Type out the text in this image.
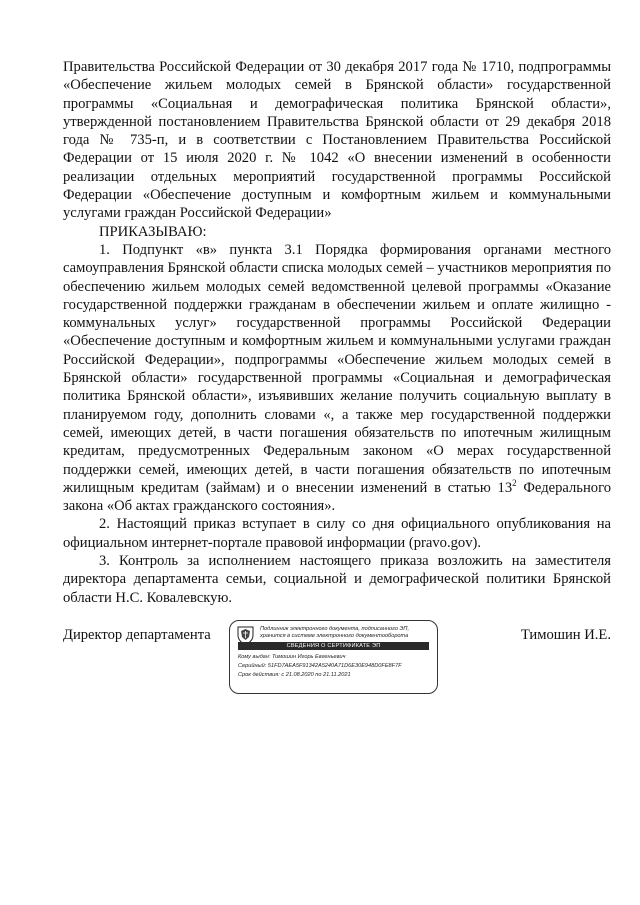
Правительства Российской Федерации от 30 декабря 2017 года № 1710, подпрограммы «Обеспечение жильем молодых семей в Брянской области» государственной программы «Социальная и демографическая политика Брянской области», утвержденной постановлением Правительства Брянской области от 29 декабря 2018 года № 735-п, и в соответствии с Постановлением Правительства Российской Федерации от 15 июля 2020 г. № 1042 «О внесении изменений в особенности реализации отдельных мероприятий государственной программы Российской Федерации «Обеспечение доступным и комфортным жильем и коммунальными услугами граждан Российской Федерации»

ПРИКАЗЫВАЮ:

1. Подпункт «в» пункта 3.1 Порядка формирования органами местного самоуправления Брянской области списка молодых семей – участников мероприятия по обеспечению жильем молодых семей ведомственной целевой программы «Оказание государственной поддержки гражданам в обеспечении жильем и оплате жилищно - коммунальных услуг» государственной программы Российской Федерации «Обеспечение доступным и комфортным жильем и коммунальными услугами граждан Российской Федерации», подпрограммы «Обеспечение жильем молодых семей в Брянской области» государственной программы «Социальная и демографическая политика Брянской области», изъявивших желание получить социальную выплату в планируемом году, дополнить словами «, а также мер государственной поддержки семей, имеющих детей, в части погашения обязательств по ипотечным жилищным кредитам, предусмотренных Федеральным законом «О мерах государственной поддержки семей, имеющих детей, в части погашения обязательств по ипотечным жилищным кредитам (займам) и о внесении изменений в статью $13^2$ Федерального закона «Об актах гражданского состояния».

2. Настоящий приказ вступает в силу со дня официального опубликования на официальном интернет-портале правовой информации (pravo.gov).

3. Контроль за исполнением настоящего приказа возложить на заместителя директора департамента семьи, социальной и демографической политики Брянской области Н.С. Ковалевскую.

Директор департамента	Тимошин И.Е.
Подлинник электронного документа, подписанного ЭП,
хранится в системе электронного документооборота
СВЕДЕНИЯ О СЕРТИФИКАТЕ ЭП
Кому выдан: Тимошин Игорь Евгеньевич
Серийный: 51FD7AEA5F91342A5240A71D6E30E948D0FE8F7F
Срок действия: с 21.08.2020 по 21.11.2021
